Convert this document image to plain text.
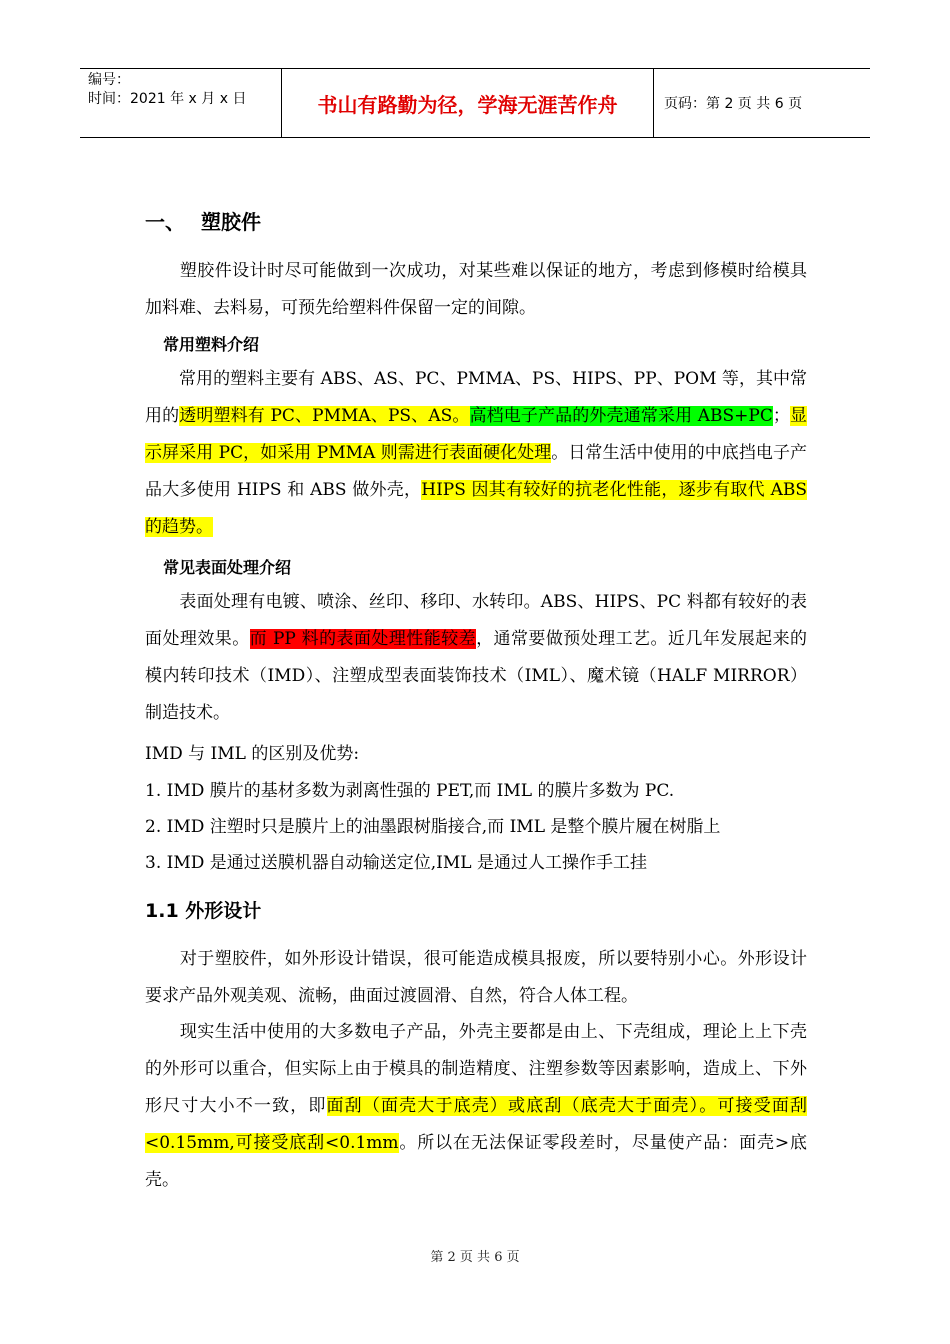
编号：
时间：2021 年 x 月 x 日	书山有路勤为径，学海无涯苦作舟	页码：第 2 页 共 6 页
一、 塑胶件
　　塑胶件设计时尽可能做到一次成功，对某些难以保证的地方，考虑到修模时给模具加料难、去料易，可预先给塑料件保留一定的间隙。
常用塑料介绍
　　常用的塑料主要有 ABS、AS、PC、PMMA、PS、HIPS、PP、POM 等，其中常用的透明塑料有 PC、PMMA、PS、AS。高档电子产品的外壳通常采用 ABS+PC；显示屏采用 PC，如采用 PMMA 则需进行表面硬化处理。日常生活中使用的中底挡电子产品大多使用 HIPS 和 ABS 做外壳，HIPS 因其有较好的抗老化性能，逐步有取代 ABS 的趋势。
常见表面处理介绍
　　表面处理有电镀、喷涂、丝印、移印、水转印。ABS、HIPS、PC 料都有较好的表面处理效果。而 PP 料的表面处理性能较差，通常要做预处理工艺。近几年发展起来的模内转印技术（IMD）、注塑成型表面装饰技术（IML）、魔术镜（HALF MIRROR）制造技术。
IMD 与 IML 的区别及优势:
1. IMD 膜片的基材多数为剥离性强的 PET,而 IML 的膜片多数为 PC.
2. IMD 注塑时只是膜片上的油墨跟树脂接合,而 IML 是整个膜片履在树脂上
3. IMD 是通过送膜机器自动输送定位,IML 是通过人工操作手工挂
1.1 外形设计
　　对于塑胶件，如外形设计错误，很可能造成模具报废，所以要特别小心。外形设计要求产品外观美观、流畅，曲面过渡圆滑、自然，符合人体工程。
　　现实生活中使用的大多数电子产品，外壳主要都是由上、下壳组成，理论上上下壳的外形可以重合，但实际上由于模具的制造精度、注塑参数等因素影响，造成上、下外形尺寸大小不一致，即面刮（面壳大于底壳）或底刮（底壳大于面壳）。可接受面刮<0.15mm,可接受底刮<0.1mm。所以在无法保证零段差时，尽量使产品：面壳>底壳。
第 2 页 共 6 页
